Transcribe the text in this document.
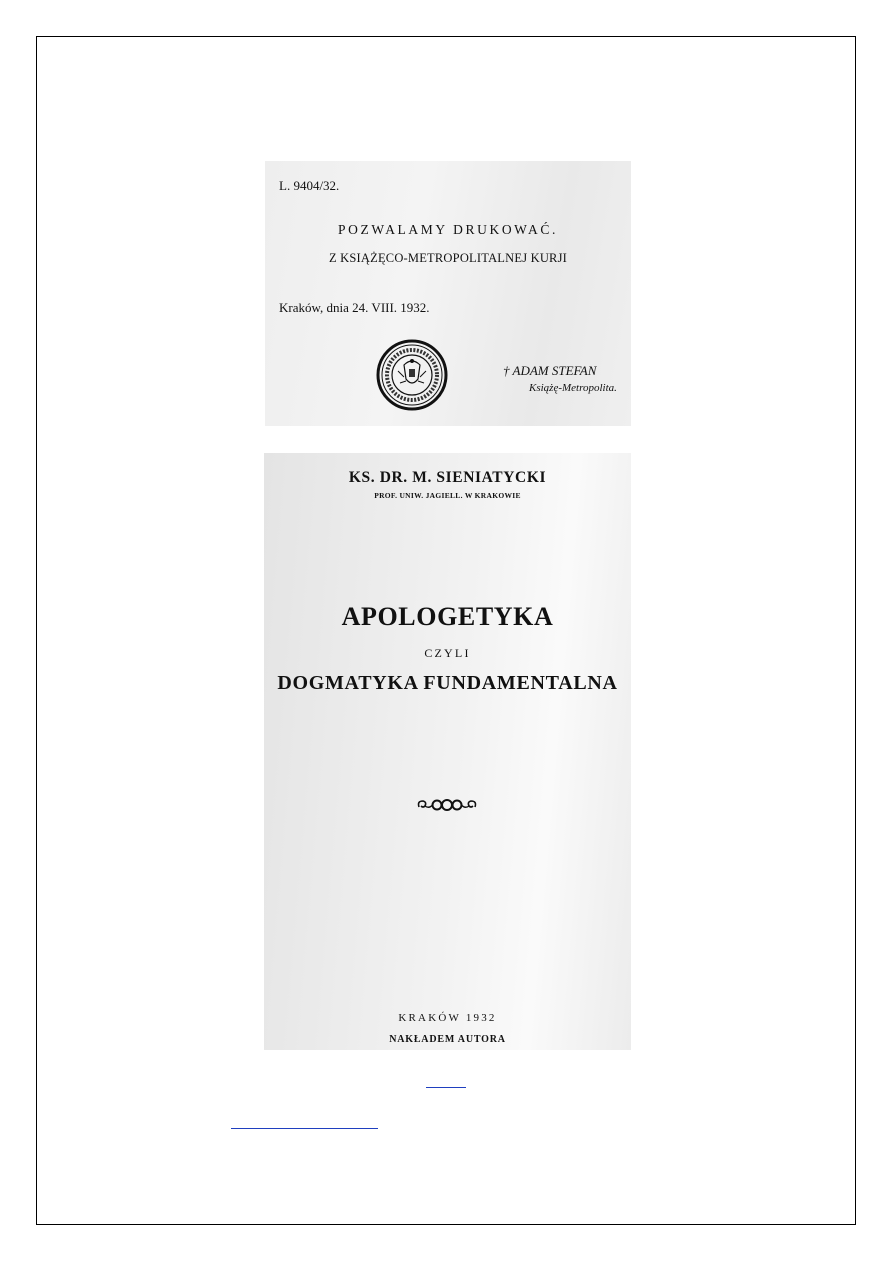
L. 9404/32.
POZWALAMY DRUKOWAĆ.
Z KSIĄŻĘCO-METROPOLITALNEJ KURJI
Kraków, dnia 24. VIII. 1932.
† ADAM STEFAN
Książę-Metropolita.
KS. DR. M. SIENIATYCKI
PROF. UNIW. JAGIELL. W KRAKOWIE
APOLOGETYKA
CZYLI
DOGMATYKA FUNDAMENTALNA
KRAKÓW 1932
NAKŁADEM AUTORA
